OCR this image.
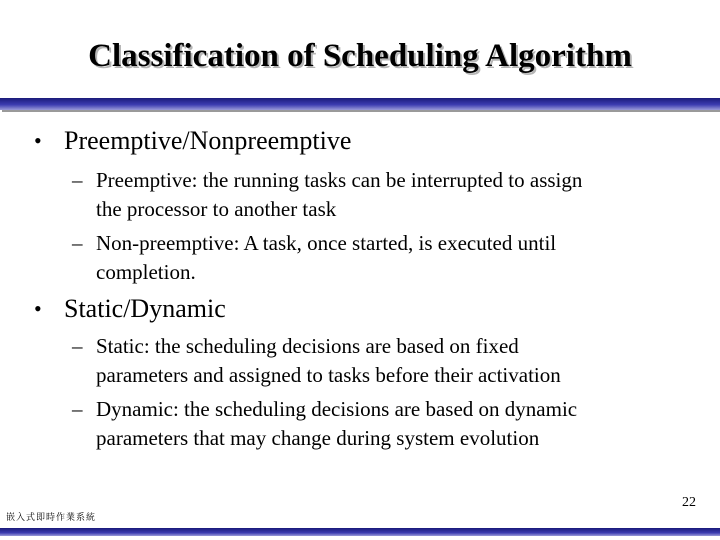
Classification of Scheduling Algorithm
• Preemptive/Nonpreemptive
– Preemptive: the running tasks can be interrupted to assign
the processor to another task
– Non-preemptive: A task, once started, is executed until
completion.
• Static/Dynamic
– Static: the scheduling decisions are based on fixed
parameters and assigned to tasks before their activation
– Dynamic: the scheduling decisions are based on dynamic
parameters that may change during system evolution
22
嵌入式即時作業系統
